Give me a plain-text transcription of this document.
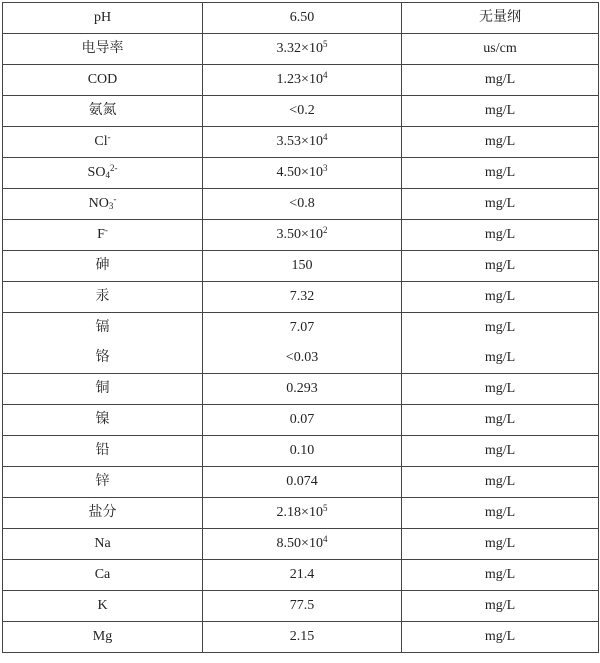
pH	6.50	无量纲
电导率	$3.32\times 10^5$	us/cm
COD	$1.23\times 10^4$	mg/L
氨氮	<0.2	mg/L
Cl-	$3.53\times 10^4$	mg/L
$SO_4^{2-}$	$4.50\times 10^3$	mg/L
$NO_3^-$	<0.8	mg/L
F-	$3.50\times 10^2$	mg/L
砷	150	mg/L
汞	7.32	mg/L
镉	7.07	mg/L
铬	<0.03	mg/L
铜	0.293	mg/L
镍	0.07	mg/L
铅	0.10	mg/L
锌	0.074	mg/L
盐分	$2.18\times 10^5$	mg/L
Na	$8.50\times 10^4$	mg/L
Ca	21.4	mg/L
K	77.5	mg/L
Mg	2.15	mg/L
